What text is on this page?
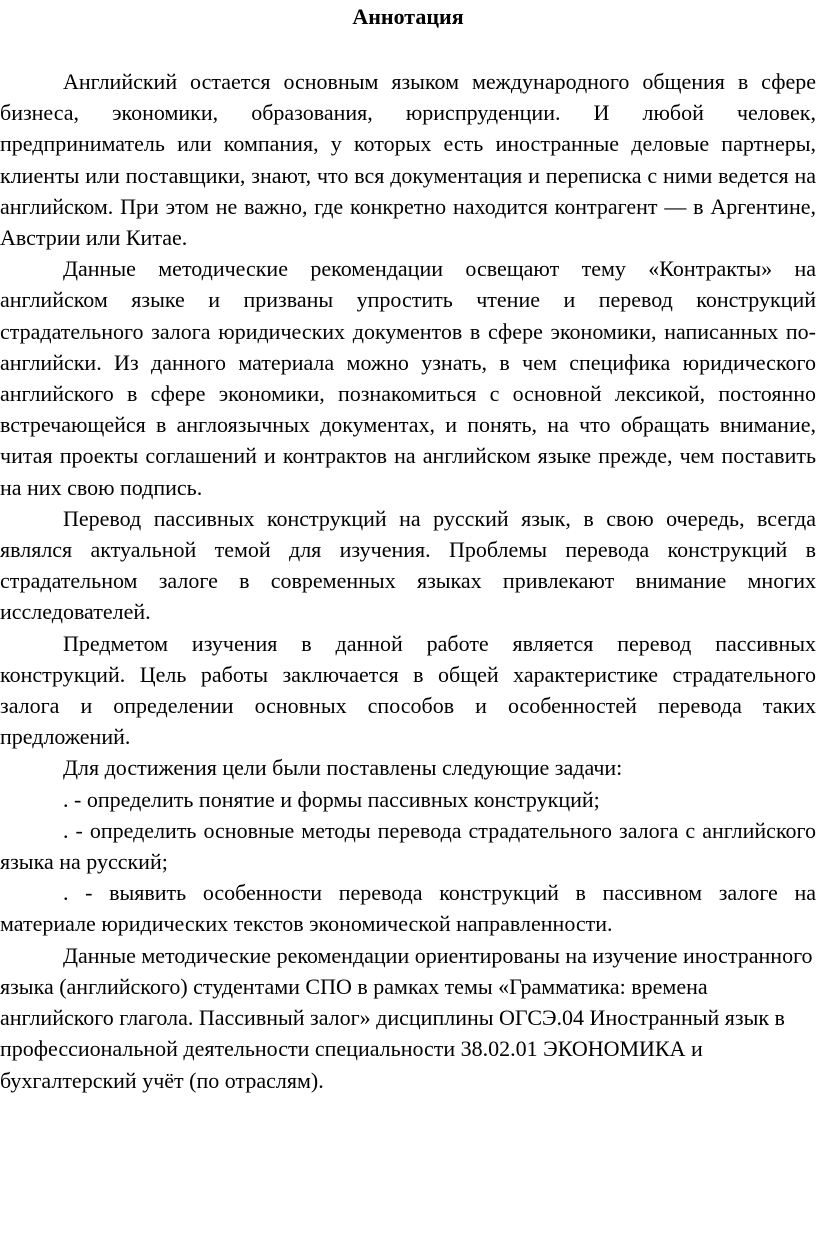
Аннотация

Английский остается основным языком международного общения в сфере бизнеса, экономики, образования, юриспруденции. И любой человек, предприниматель или компания, у которых есть иностранные деловые партнеры, клиенты или поставщики, знают, что вся документация и переписка с ними ведется на английском. При этом не важно, где конкретно находится контрагент — в Аргентине, Австрии или Китае.

Данные методические рекомендации освещают тему «Контракты» на английском языке и призваны упростить чтение и перевод конструкций страдательного залога юридических документов в сфере экономики, написанных по-английски. Из данного материала можно узнать, в чем специфика юридического английского в сфере экономики, познакомиться с основной лексикой, постоянно встречающейся в англоязычных документах, и понять, на что обращать внимание, читая проекты соглашений и контрактов на английском языке прежде, чем поставить на них свою подпись.

Перевод пассивных конструкций на русский язык, в свою очередь, всегда являлся актуальной темой для изучения. Проблемы перевода конструкций в страдательном залоге в современных языках привлекают внимание многих исследователей.

Предметом изучения в данной работе является перевод пассивных конструкций. Цель работы заключается в общей характеристике страдательного залога и определении основных способов и особенностей перевода таких предложений.

Для достижения цели были поставлены следующие задачи:

. - определить понятие и формы пассивных конструкций;

. - определить основные методы перевода страдательного залога с английского языка на русский;

. - выявить особенности перевода конструкций в пассивном залоге на материале юридических текстов экономической направленности.

Данные методические рекомендации ориентированы на изучение иностранного языка (английского) студентами СПО в рамках темы «Грамматика: времена английского глагола. Пассивный залог» дисциплины ОГСЭ.04 Иностранный язык в профессиональной деятельности специальности 38.02.01 ЭКОНОМИКА и бухгалтерский учёт (по отраслям).
